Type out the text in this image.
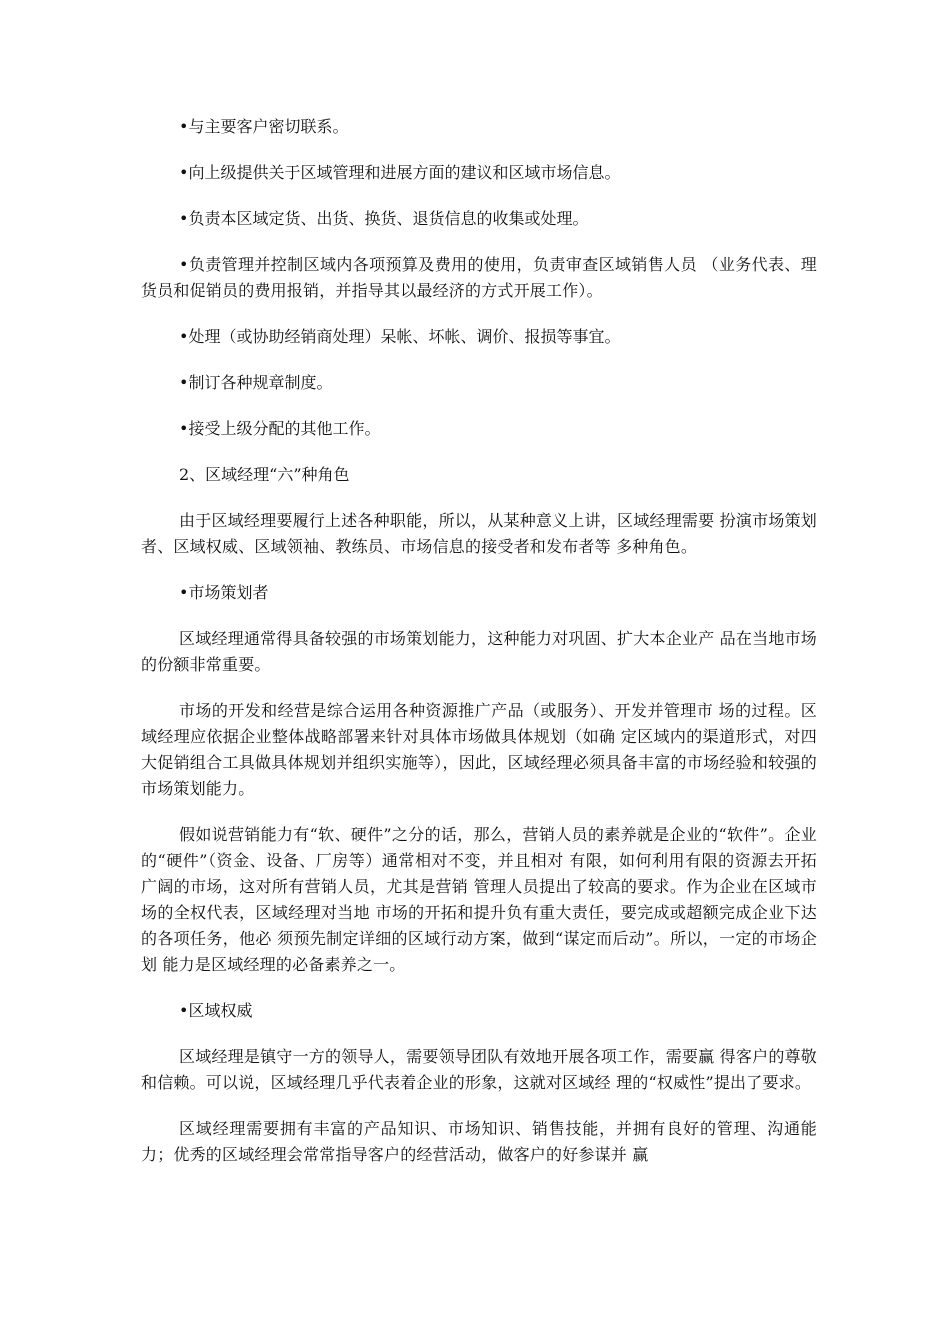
•与主要客户密切联系。

•向上级提供关于区域管理和进展方面的建议和区域市场信息。

•负责本区域定货、出货、换货、退货信息的收集或处理。

•负责管理并控制区域内各项预算及费用的使用，负责审查区域销售人员 （业务代表、理货员和促销员的费用报销，并指导其以最经济的方式开展工作）。

•处理（或协助经销商处理）呆帐、坏帐、调价、报损等事宜。

•制订各种规章制度。

•接受上级分配的其他工作。

2、区域经理“六”种角色

由于区域经理要履行上述各种职能，所以，从某种意义上讲，区域经理需要 扮演市场策划者、区域权威、区域领袖、教练员、市场信息的接受者和发布者等 多种角色。

•市场策划者

区域经理通常得具备较强的市场策划能力，这种能力对巩固、扩大本企业产 品在当地市场的份额非常重要。

市场的开发和经营是综合运用各种资源推广产品（或服务）、开发并管理市 场的过程。区域经理应依据企业整体战略部署来针对具体市场做具体规划（如确 定区域内的渠道形式，对四大促销组合工具做具体规划并组织实施等），因此，区域经理必须具备丰富的市场经验和较强的市场策划能力。

假如说营销能力有“软、硬件”之分的话，那么，营销人员的素养就是企业的“软件”。企业的“硬件”（资金、设备、厂房等）通常相对不变，并且相对 有限，如何利用有限的资源去开拓广阔的市场，这对所有营销人员，尤其是营销 管理人员提出了较高的要求。作为企业在区域市场的全权代表，区域经理对当地 市场的开拓和提升负有重大责任，要完成或超额完成企业下达的各项任务，他必 须预先制定详细的区域行动方案，做到“谋定而后动”。所以，一定的市场企划 能力是区域经理的必备素养之一。

•区域权威

区域经理是镇守一方的领导人，需要领导团队有效地开展各项工作，需要赢 得客户的尊敬和信赖。可以说，区域经理几乎代表着企业的形象，这就对区域经 理的“权威性”提出了要求。

区域经理需要拥有丰富的产品知识、市场知识、销售技能，并拥有良好的管理、沟通能力；优秀的区域经理会常常指导客户的经营活动，做客户的好参谋并 赢
